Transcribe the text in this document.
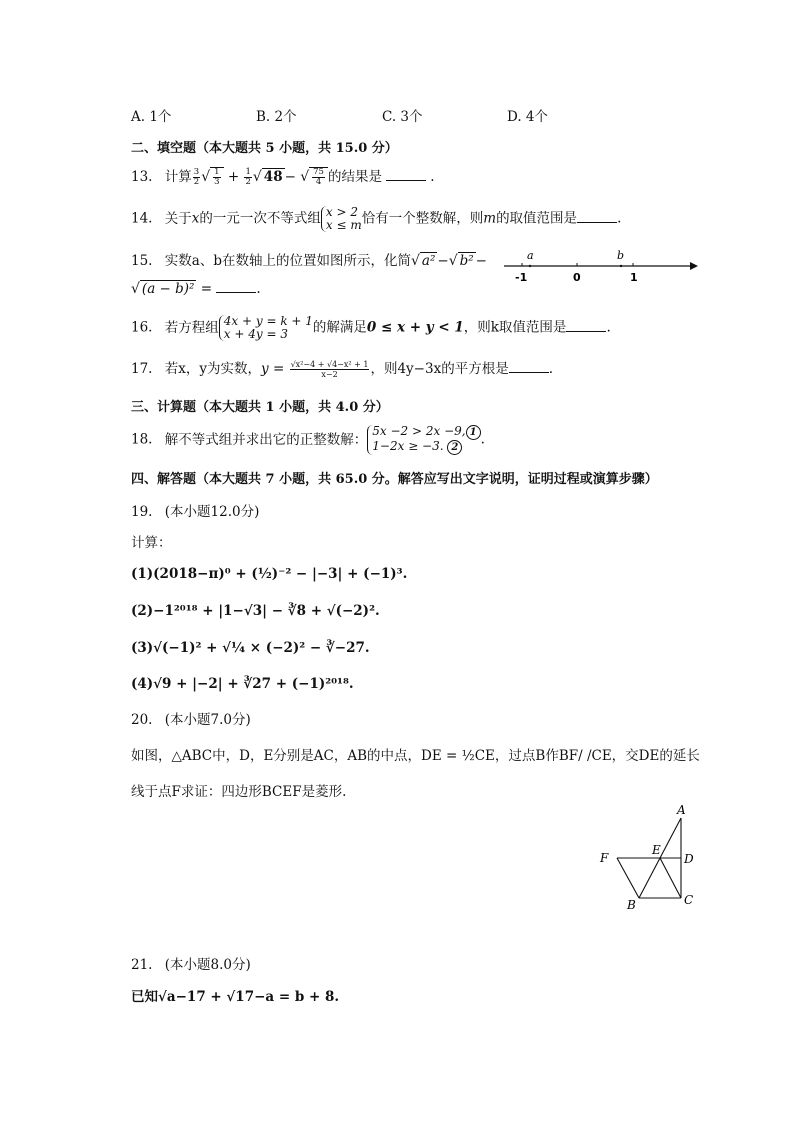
A. 1个	B. 2个	C. 3个	D. 4个
二、填空题（本大题共 5 小题，共 15.0 分）
13. 计算 $\frac{3}{2}$ √ $\frac{1}{3} + \frac{1}{2}$ √ 48 − √ $\frac{75}{4}$ 的结果是	.
14. 关于x的一元一次不等式组 x > 2
x ≤ m 恰有一个整数解，则m的取值范围是	.
15. 实数a、b在数轴上的位置如图所示，化简√ a² −√ b² −
√ (a − b)² =	.
a	b
-1	0	1
16. 若方程组 4x + y = k + 1
x + 4y = 3	的解满足0 ≤ x + y < 1，则k取值范围是	.
17. 若x，y为实数，$y = \frac{\text{√x²−4 + √4−x² + 1}}{x-2}$ ，则4y−3x的平方根是	.
三、计算题（本大题共 1 小题，共 4.0 分）
18. 解不等式组并求出它的正整数解：
5x −2 > 2x −9, 1
1−2x ≥ −3. 2	.
四、解答题（本大题共 7 小题，共 65.0 分。解答应写出文字说明，证明过程或演算步骤）
19. (本小题12.0分)
计算：
(1)(2018−π)⁰ + (½)⁻² − |−3| + (−1)³.
(2)−1²⁰¹⁸ + |1−√3| − ∛8 + √(−2)².
(3)√(−1)² + √¼ × (−2)² − ∛−27.
(4)√9 + |−2| + ∛27 + (−1)²⁰¹⁸.
20. (本小题7.0分)
如图，△ABC中，D，E分别是AC，AB的中点，DE = ½CE，过点B作BF/ /CE，交DE的延长
线于点F求证：四边形BCEF是菱形.
A
F
E
D
B	C
21. (本小题8.0分)
已知√a−17 + √17−a = b + 8.
